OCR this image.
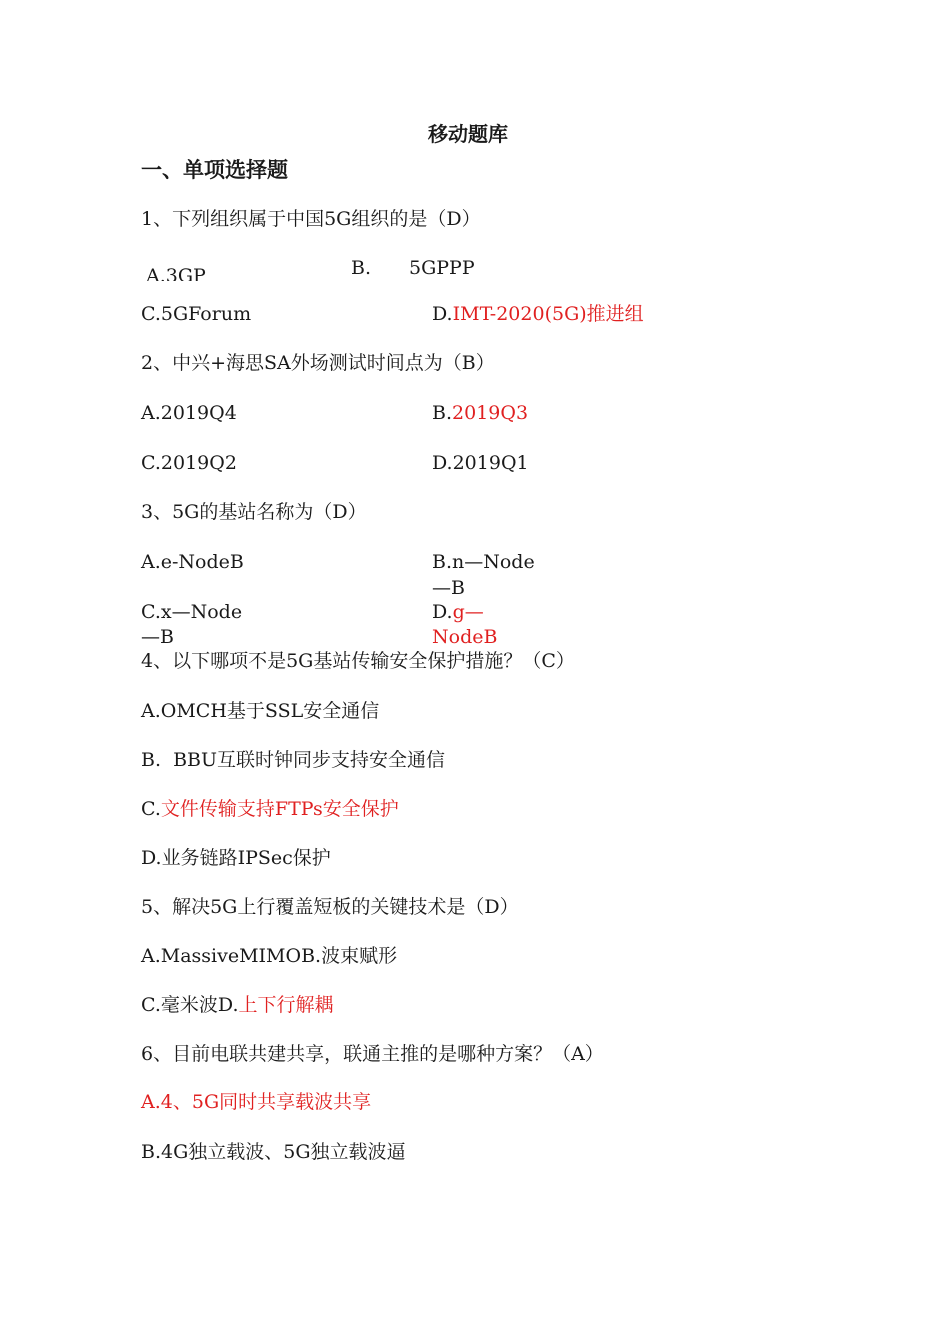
移动题库
一、单项选择题
1、下列组织属于中国5G组织的是（D）
A.3GP	B. 5GPPP
C.5GForum	D.IMT-2020(5G)推进组
2、中兴+海思SA外场测试时间点为（B）
A.2019Q4	B.2019Q3
C.2019Q2	D.2019Q1
3、5G的基站名称为（D）
A.e-NodeB	B.n—Node
—B
C.x—Node
—B
D.g—
NodeB
4、以下哪项不是5G基站传输安全保护措施？（C）
A.OMCH基于SSL安全通信
B.  BBU互联时钟同步支持安全通信
C.文件传输支持FTPs安全保护
D.业务链路IPSec保护
5、解决5G上行覆盖短板的关键技术是（D）
A.MassiveMIMOB.波束赋形
C.毫米波D.上下行解耦
6、目前电联共建共享，联通主推的是哪种方案？（A）
A.4、5G同时共享载波共享
B.4G独立载波、5G独立载波逼
